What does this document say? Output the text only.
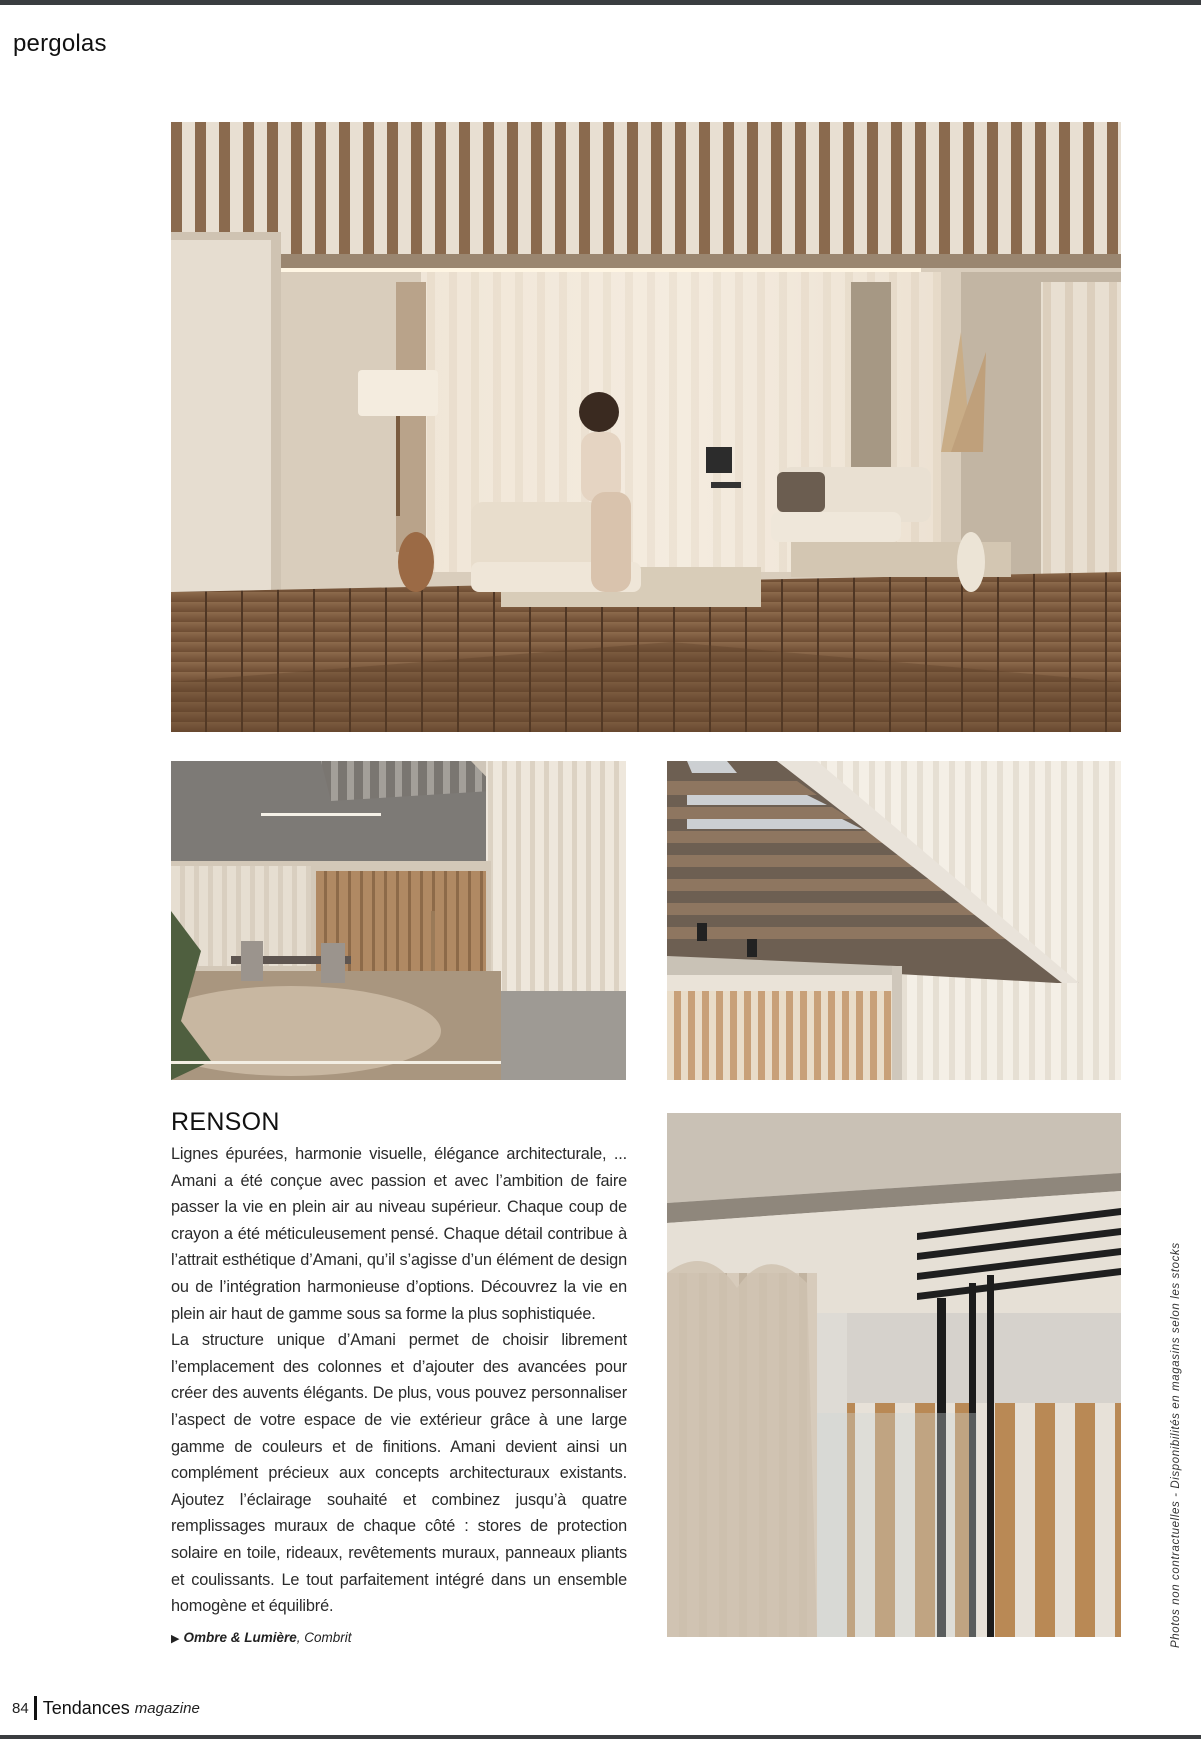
pergolas
RENSON

Lignes épurées, harmonie visuelle, élégance architecturale, ... Amani a été conçue avec passion et avec l’ambition de faire passer la vie en plein air au niveau supérieur. Chaque coup de crayon a été méticuleusement pensé. Chaque détail contribue à l’attrait esthétique d’Amani, qu’il s’agisse d’un élément de design ou de l’intégration harmonieuse d’options. Découvrez la vie en plein air haut de gamme sous sa forme la plus sophistiquée.

La structure unique d’Amani permet de choisir librement l’emplacement des colonnes et d’ajouter des avancées pour créer des auvents élégants. De plus, vous pouvez personnaliser l’aspect de votre espace de vie extérieur grâce à une large gamme de couleurs et de finitions. Amani devient ainsi un complément précieux aux concepts architecturaux existants. Ajoutez l’éclairage souhaité et combinez jusqu’à quatre remplissages muraux de chaque côté : stores de protection solaire en toile, rideaux, revêtements muraux, panneaux pliants et coulissants. Le tout parfaitement intégré dans un ensemble homogène et équilibré.

▶ Ombre & Lumière, Combrit	Photos non contractuelles - Disponibilités en magasins selon les stocks
84 Tendances magazine
